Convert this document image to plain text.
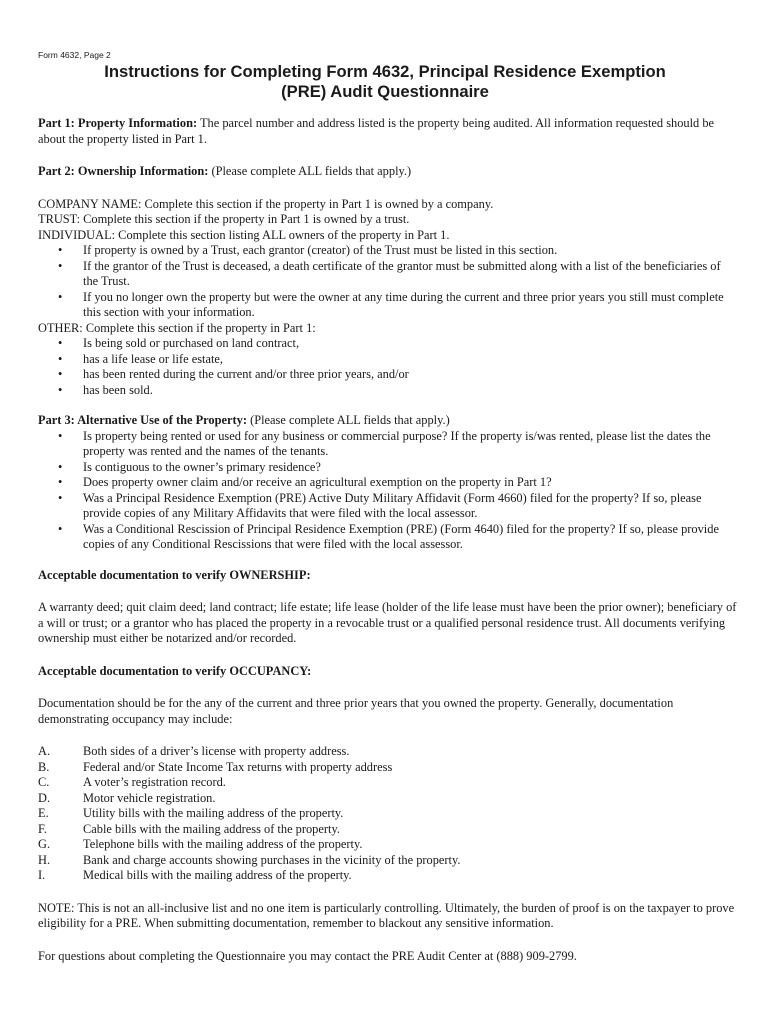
Form 4632, Page 2
Instructions for Completing Form 4632, Principal Residence Exemption
(PRE) Audit Questionnaire

Part 1: Property Information: The parcel number and address listed is the property being audited. All information requested should be about the property listed in Part 1.

Part 2: Ownership Information: (Please complete ALL fields that apply.)

COMPANY NAME: Complete this section if the property in Part 1 is owned by a company.

TRUST: Complete this section if the property in Part 1 is owned by a trust.

INDIVIDUAL: Complete this section listing ALL owners of the property in Part 1.

• If property is owned by a Trust, each grantor (creator) of the Trust must be listed in this section.
• If the grantor of the Trust is deceased, a death certificate of the grantor must be submitted along with a list of the beneficiaries of the Trust.
• If you no longer own the property but were the owner at any time during the current and three prior years you still must complete this section with your information.

OTHER: Complete this section if the property in Part 1:

• Is being sold or purchased on land contract,
• has a life lease or life estate,
• has been rented during the current and/or three prior years, and/or
• has been sold.

Part 3: Alternative Use of the Property: (Please complete ALL fields that apply.)

• Is property being rented or used for any business or commercial purpose? If the property is/was rented, please list the dates the property was rented and the names of the tenants.
• Is contiguous to the owner’s primary residence?
• Does property owner claim and/or receive an agricultural exemption on the property in Part 1?
• Was a Principal Residence Exemption (PRE) Active Duty Military Affidavit (Form 4660) filed for the property? If so, please provide copies of any Military Affidavits that were filed with the local assessor.
• Was a Conditional Rescission of Principal Residence Exemption (PRE) (Form 4640) filed for the property? If so, please provide copies of any Conditional Rescissions that were filed with the local assessor.

Acceptable documentation to verify OWNERSHIP:

A warranty deed; quit claim deed; land contract; life estate; life lease (holder of the life lease must have been the prior owner); beneficiary of a will or trust; or a grantor who has placed the property in a revocable trust or a qualified personal residence trust. All documents verifying ownership must either be notarized and/or recorded.

Acceptable documentation to verify OCCUPANCY:

Documentation should be for the any of the current and three prior years that you owned the property. Generally, documentation demonstrating occupancy may include:

A.	Both sides of a driver’s license with property address.
B.	Federal and/or State Income Tax returns with property address
C.	A voter’s registration record.
D.	Motor vehicle registration.
E.	Utility bills with the mailing address of the property.
F.	Cable bills with the mailing address of the property.
G.	Telephone bills with the mailing address of the property.
H.	Bank and charge accounts showing purchases in the vicinity of the property.
I.	Medical bills with the mailing address of the property.

NOTE: This is not an all-inclusive list and no one item is particularly controlling. Ultimately, the burden of proof is on the taxpayer to prove eligibility for a PRE. When submitting documentation, remember to blackout any sensitive information.

For questions about completing the Questionnaire you may contact the PRE Audit Center at (888) 909-2799.
